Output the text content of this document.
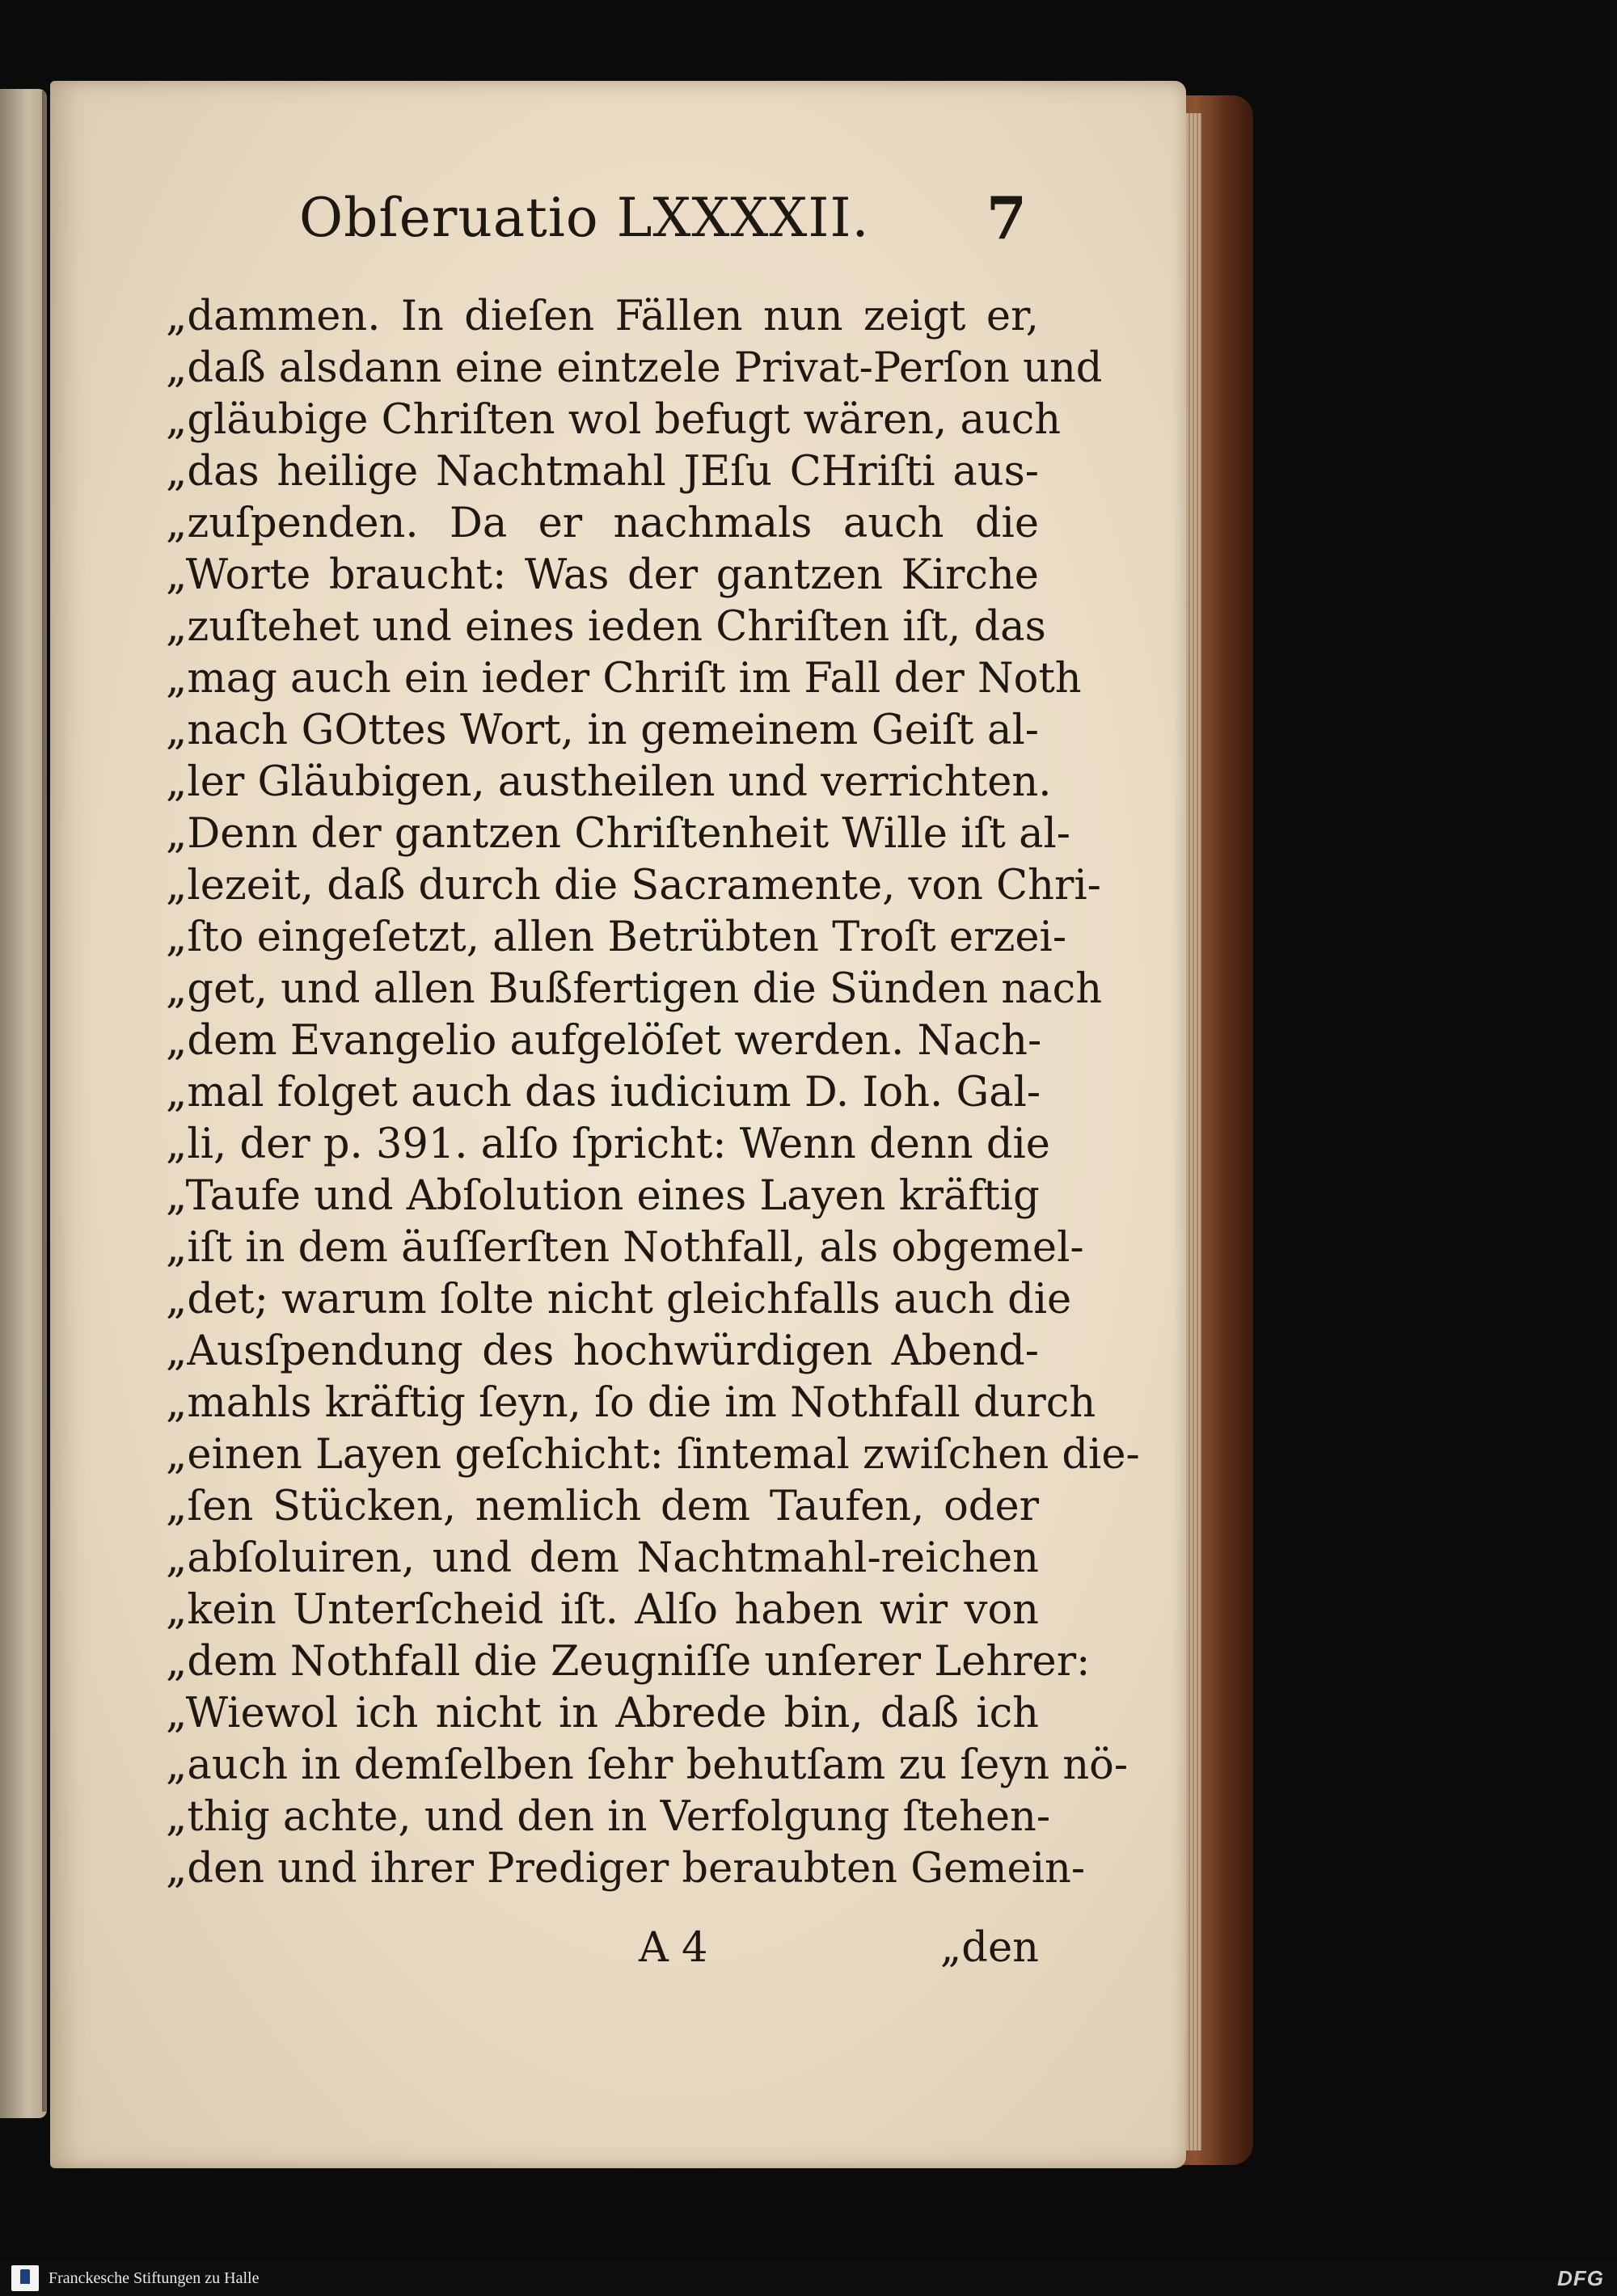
Obſeruatio LXXXXII. 7
„dammen. In dieſen Fällen nun zeigt er,
„daß alsdann eine eintzele Privat-Perſon und
„gläubige Chriſten wol befugt wären, auch
„das heilige Nachtmahl JEſu CHriſti aus-
„zuſpenden. Da er nachmals auch die
„Worte braucht: Was der gantzen Kirche
„zuſtehet und eines ieden Chriſten iſt, das
„mag auch ein ieder Chriſt im Fall der Noth
„nach GOttes Wort, in gemeinem Geiſt al-
„ler Gläubigen, austheilen und verrichten.
„Denn der gantzen Chriſtenheit Wille iſt al-
„lezeit, daß durch die Sacramente, von Chri-
„ſto eingeſetzt, allen Betrübten Troſt erzei-
„get, und allen Bußfertigen die Sünden nach
„dem Evangelio aufgelöſet werden. Nach-
„mal folget auch das iudicium D. Ioh. Gal-
„li, der p. 391. alſo ſpricht: Wenn denn die
„Taufe und Abſolution eines Layen kräftig
„iſt in dem äuſſerſten Nothfall, als obgemel-
„det; warum ſolte nicht gleichfalls auch die
„Ausſpendung des hochwürdigen Abend-
„mahls kräftig ſeyn, ſo die im Nothfall durch
„einen Layen geſchicht: ſintemal zwiſchen die-
„ſen Stücken, nemlich dem Taufen, oder
„abſoluiren, und dem Nachtmahl-reichen
„kein Unterſcheid iſt. Alſo haben wir von
„dem Nothfall die Zeugniſſe unſerer Lehrer:
„Wiewol ich nicht in Abrede bin, daß ich
„auch in demſelben ſehr behutſam zu ſeyn nö-
„thig achte, und den in Verfolgung ſtehen-
„den und ihrer Prediger beraubten Gemein-
A 4	„den
Franckesche Stiftungen zu Halle	DFG
